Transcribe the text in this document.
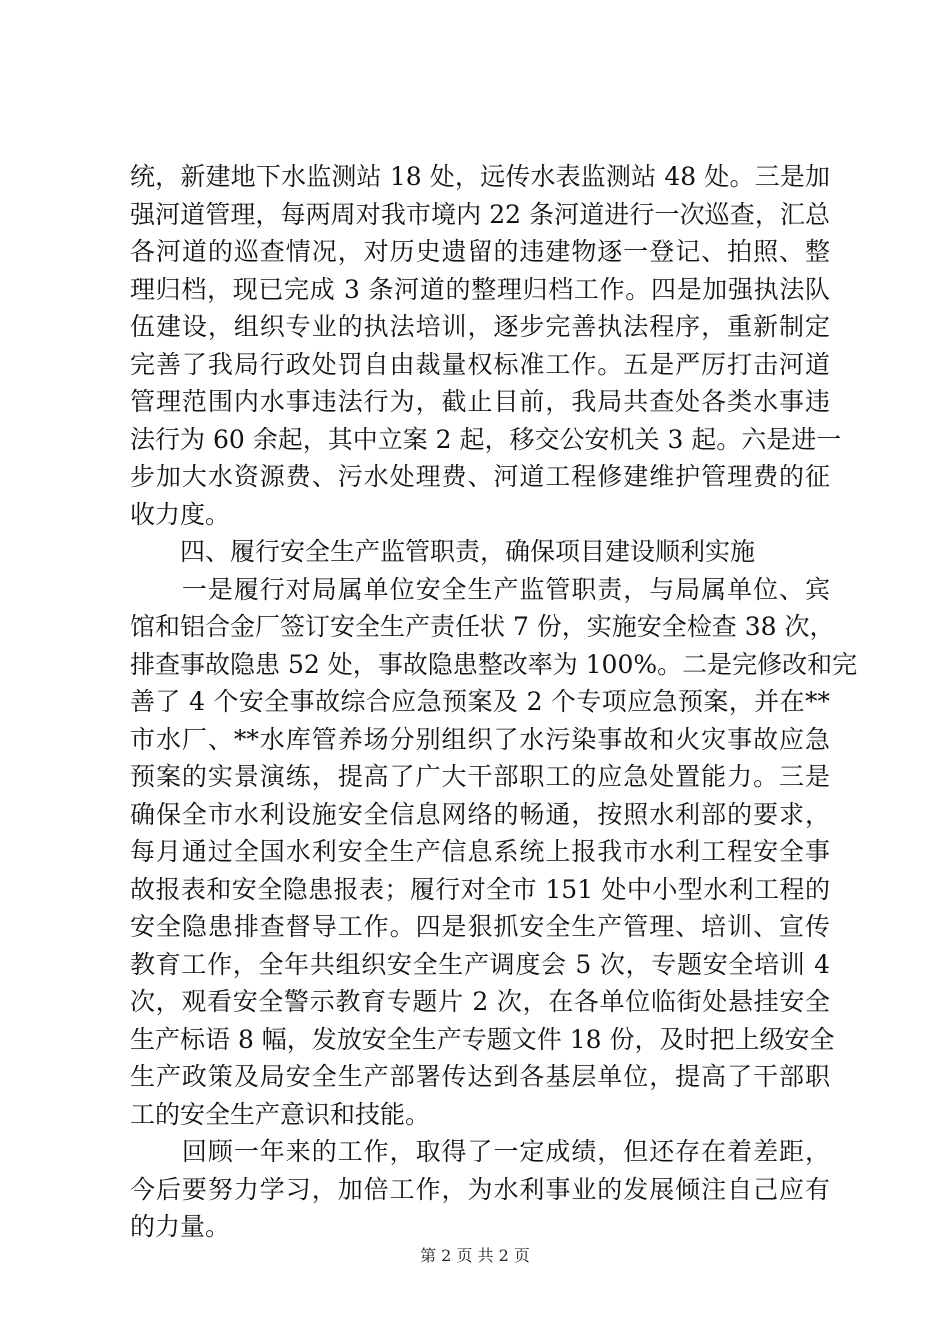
统，新建地下水监测站 18 处，远传水表监测站 48 处。三是加
强河道管理，每两周对我市境内 22 条河道进行一次巡查，汇总
各河道的巡查情况，对历史遗留的违建物逐一登记、拍照、整
理归档，现已完成 3 条河道的整理归档工作。四是加强执法队
伍建设，组织专业的执法培训，逐步完善执法程序，重新制定
完善了我局行政处罚自由裁量权标准工作。五是严厉打击河道
管理范围内水事违法行为，截止目前，我局共查处各类水事违
法行为 60 余起，其中立案 2 起，移交公安机关 3 起。六是进一
步加大水资源费、污水处理费、河道工程修建维护管理费的征
收力度。
　　四、履行安全生产监管职责，确保项目建设顺利实施
　　一是履行对局属单位安全生产监管职责，与局属单位、宾
馆和铝合金厂签订安全生产责任状 7 份，实施安全检查 38 次，
排查事故隐患 52 处，事故隐患整改率为 100%。二是完修改和完
善了 4 个安全事故综合应急预案及 2 个专项应急预案，并在**
市水厂、**水库管养场分别组织了水污染事故和火灾事故应急
预案的实景演练，提高了广大干部职工的应急处置能力。三是
确保全市水利设施安全信息网络的畅通，按照水利部的要求，
每月通过全国水利安全生产信息系统上报我市水利工程安全事
故报表和安全隐患报表；履行对全市 151 处中小型水利工程的
安全隐患排查督导工作。四是狠抓安全生产管理、培训、宣传
教育工作，全年共组织安全生产调度会 5 次，专题安全培训 4
次，观看安全警示教育专题片 2 次，在各单位临街处悬挂安全
生产标语 8 幅，发放安全生产专题文件 18 份，及时把上级安全
生产政策及局安全生产部署传达到各基层单位，提高了干部职
工的安全生产意识和技能。
　　回顾一年来的工作，取得了一定成绩，但还存在着差距，
今后要努力学习，加倍工作，为水利事业的发展倾注自己应有
的力量。
第 2 页 共 2 页
